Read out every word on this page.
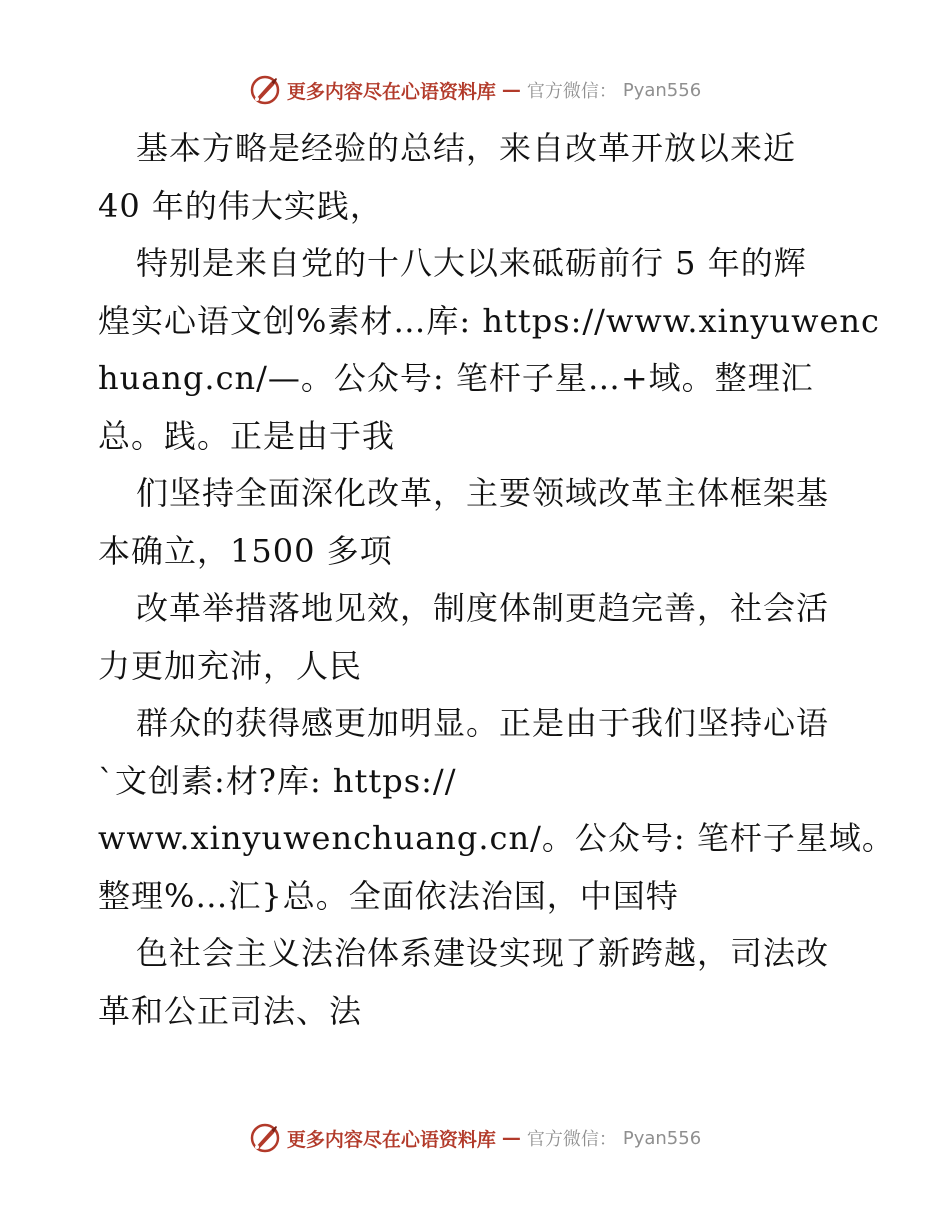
更多内容尽在心语资料库 — 官方微信： Pyan556
基本方略是经验的总结，来自改革开放以来近
40 年的伟大实践，
特别是来自党的十八大以来砥砺前行 5 年的辉
煌实心语文创%素材…库: https://www.xinyuwenc
huang.cn/—。公众号: 笔杆子星…+域。整理汇
总。践。正是由于我
们坚持全面深化改革，主要领域改革主体框架基
本确立，1500 多项
改革举措落地见效，制度体制更趋完善，社会活
力更加充沛，人民
群众的获得感更加明显。正是由于我们坚持心语
`文创素:材?库: https://
www.xinyuwenchuang.cn/。公众号: 笔杆子星域。
整理%…汇}总。全面依法治国，中国特
色社会主义法治体系建设实现了新跨越，司法改
革和公正司法、法
更多内容尽在心语资料库 — 官方微信： Pyan556
